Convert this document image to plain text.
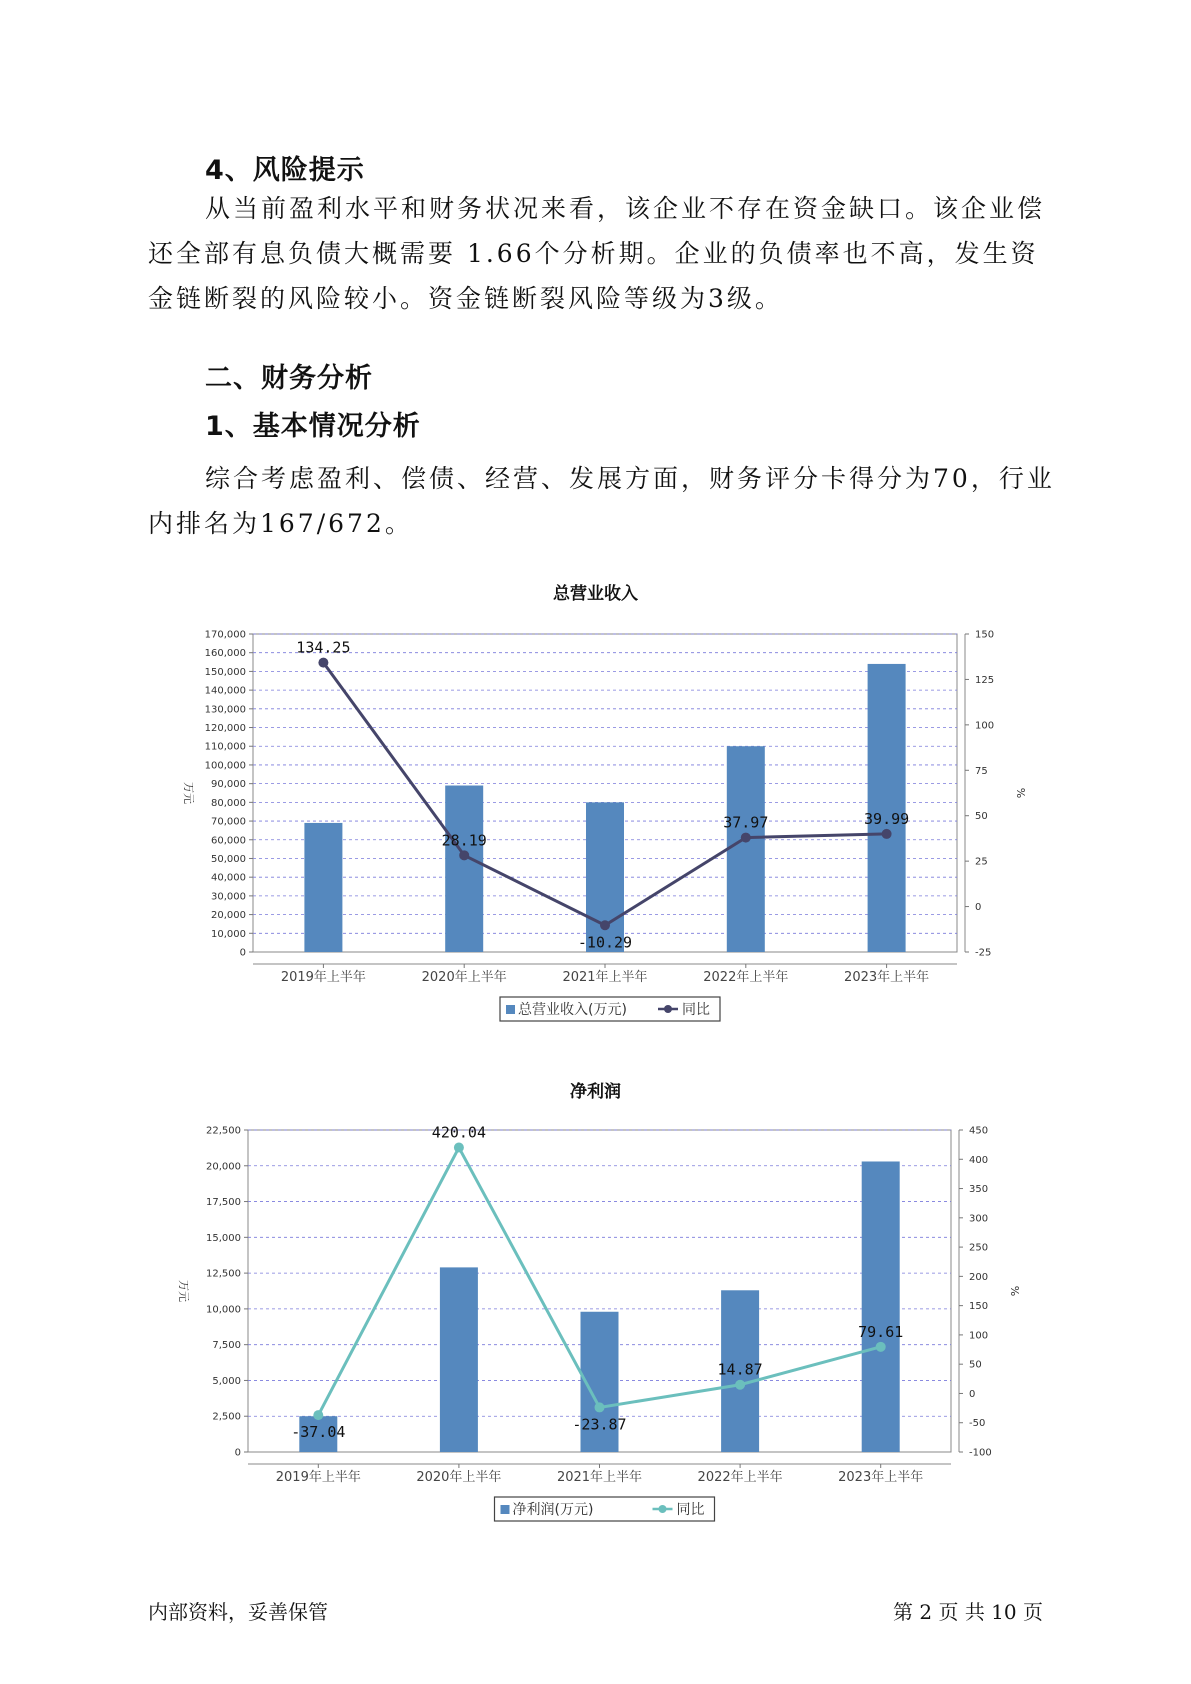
4、风险提示

从当前盈利水平和财务状况来看，该企业不存在资金缺口。该企业偿还全部有息负债大概需要 1.66个分析期。企业的负债率也不高，发生资金链断裂的风险较小。资金链断裂风险等级为3级。

二、财务分析
1、基本情况分析

综合考虑盈利、偿债、经营、发展方面，财务评分卡得分为70，行业内排名为167/672。

总营业收入
0
10,000
20,000
30,000
40,000
50,000
60,000
70,000
80,000
90,000
100,000
110,000
120,000
130,000
140,000
150,000
160,000
170,000
-25
0
25
50
75
100
125
150
万元	%
2019年上半年	2020年上半年	2021年上半年	2022年上半年	2023年上半年
134.25
28.19
-10.29
37.97	39.99
总营业收入(万元)	同比
净利润
0
2,500
5,000
7,500
10,000
12,500
15,000
17,500
20,000
22,500
-100
-50
0
50
100
150
200
250
300
350
400
450
万元	%
2019年上半年	2020年上半年	2021年上半年	2022年上半年	2023年上半年
-37.04
420.04
-23.87
14.87
79.61
净利润(万元)	同比
内部资料，妥善保管	第 2 页 共 10 页
